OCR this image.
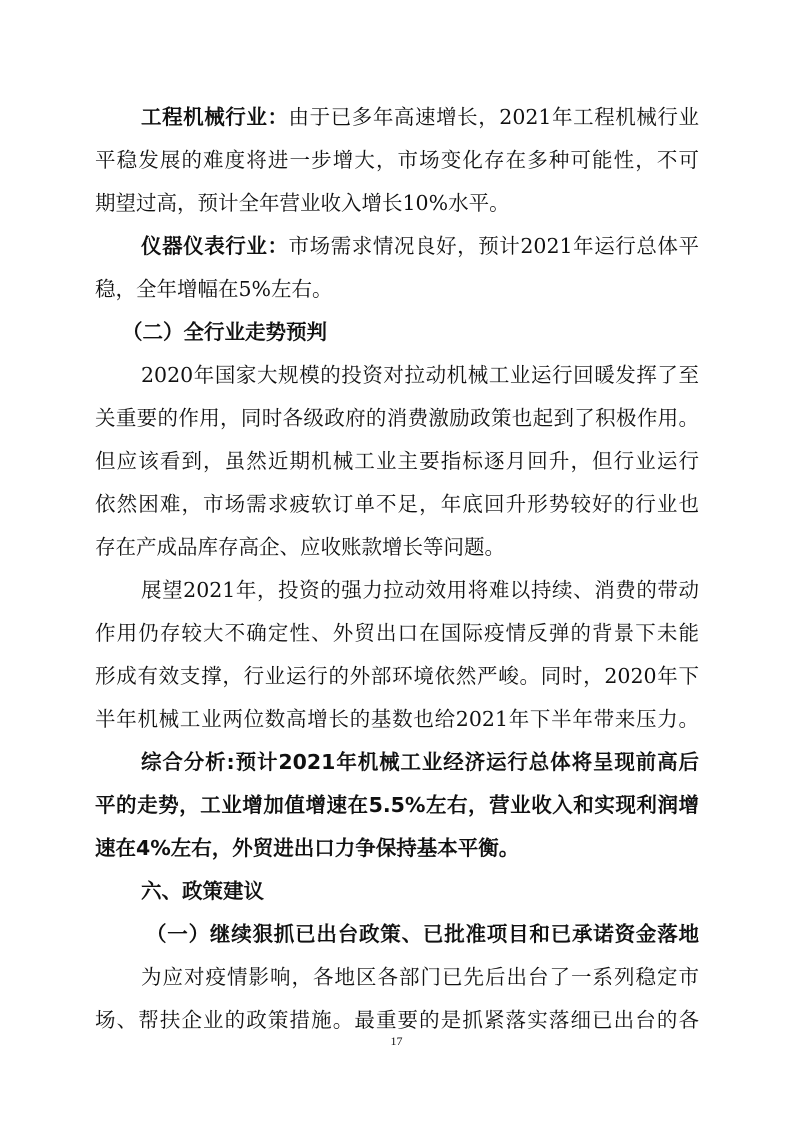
工程机械行业：由于已多年高速增长，2021年工程机械行业
平稳发展的难度将进一步增大，市场变化存在多种可能性，不可
期望过高，预计全年营业收入增长10%水平。
仪器仪表行业：市场需求情况良好，预计2021年运行总体平
稳，全年增幅在5%左右。
（二）全行业走势预判
2020年国家大规模的投资对拉动机械工业运行回暖发挥了至
关重要的作用，同时各级政府的消费激励政策也起到了积极作用。
但应该看到，虽然近期机械工业主要指标逐月回升，但行业运行
依然困难，市场需求疲软订单不足，年底回升形势较好的行业也
存在产成品库存高企、应收账款增长等问题。
展望2021年，投资的强力拉动效用将难以持续、消费的带动
作用仍存较大不确定性、外贸出口在国际疫情反弹的背景下未能
形成有效支撑，行业运行的外部环境依然严峻。同时，2020年下
半年机械工业两位数高增长的基数也给2021年下半年带来压力。
综合分析:预计2021年机械工业经济运行总体将呈现前高后
平的走势，工业增加值增速在5.5%左右，营业收入和实现利润增
速在4%左右，外贸进出口力争保持基本平衡。
六、政策建议
（一）继续狠抓已出台政策、已批准项目和已承诺资金落地
为应对疫情影响，各地区各部门已先后出台了一系列稳定市
场、帮扶企业的政策措施。最重要的是抓紧落实落细已出台的各
17
